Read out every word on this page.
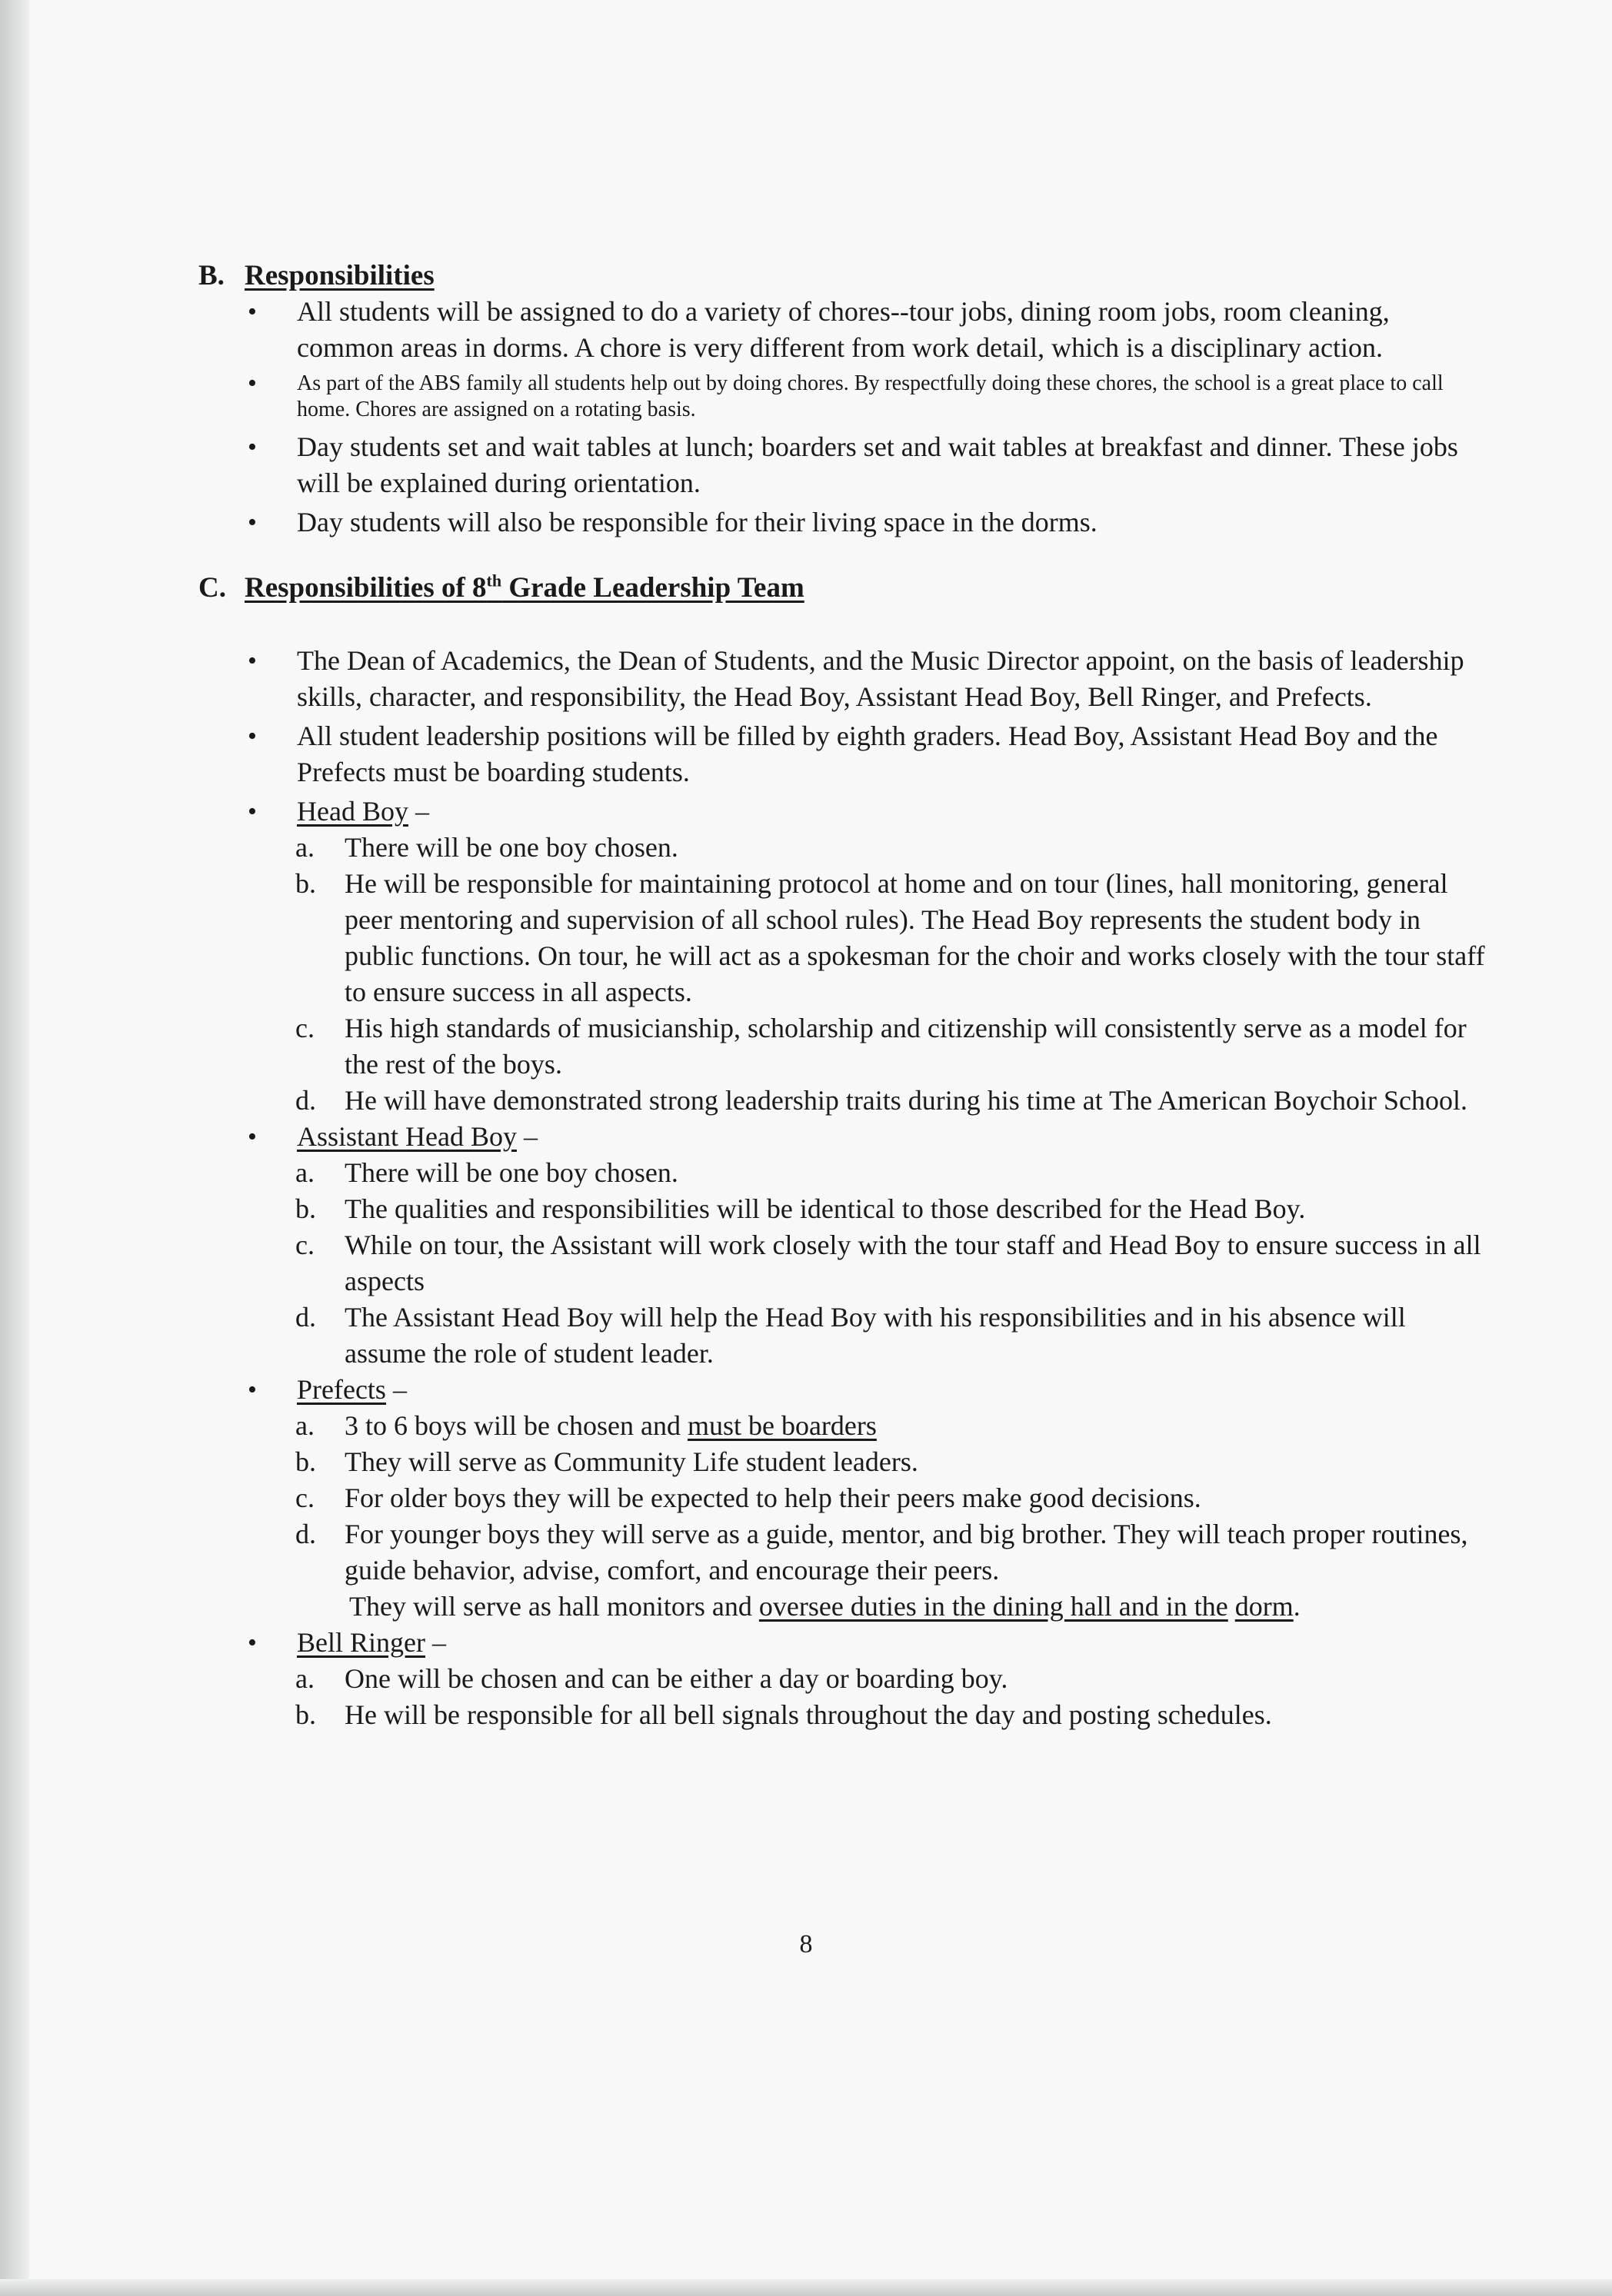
B. Responsibilities
• All students will be assigned to do a variety of chores--tour jobs, dining room jobs, room cleaning, common areas in dorms. A chore is very different from work detail, which is a disciplinary action.
• As part of the ABS family all students help out by doing chores. By respectfully doing these chores, the school is a great place to call home. Chores are assigned on a rotating basis.
• Day students set and wait tables at lunch; boarders set and wait tables at breakfast and dinner. These jobs will be explained during orientation.
• Day students will also be responsible for their living space in the dorms.
C. Responsibilities of 8th Grade Leadership Team
• The Dean of Academics, the Dean of Students, and the Music Director appoint, on the basis of leadership skills, character, and responsibility, the Head Boy, Assistant Head Boy, Bell Ringer, and Prefects.
• All student leadership positions will be filled by eighth graders. Head Boy, Assistant Head Boy and the Prefects must be boarding students.
• Head Boy –
a. There will be one boy chosen.
b. He will be responsible for maintaining protocol at home and on tour (lines, hall monitoring, general peer mentoring and supervision of all school rules). The Head Boy represents the student body in public functions. On tour, he will act as a spokesman for the choir and works closely with the tour staff to ensure success in all aspects.
c. His high standards of musicianship, scholarship and citizenship will consistently serve as a model for the rest of the boys.
d. He will have demonstrated strong leadership traits during his time at The American Boychoir School.
• Assistant Head Boy –
a. There will be one boy chosen.
b. The qualities and responsibilities will be identical to those described for the Head Boy.
c. While on tour, the Assistant will work closely with the tour staff and Head Boy to ensure success in all aspects
d. The Assistant Head Boy will help the Head Boy with his responsibilities and in his absence will assume the role of student leader.
• Prefects –
a. 3 to 6 boys will be chosen and must be boarders
b. They will serve as Community Life student leaders.
c. For older boys they will be expected to help their peers make good decisions.
d. For younger boys they will serve as a guide, mentor, and big brother. They will teach proper routines, guide behavior, advise, comfort, and encourage their peers.
They will serve as hall monitors and oversee duties in the dining hall and in the dorm.
• Bell Ringer –
a. One will be chosen and can be either a day or boarding boy.
b. He will be responsible for all bell signals throughout the day and posting schedules.
8
